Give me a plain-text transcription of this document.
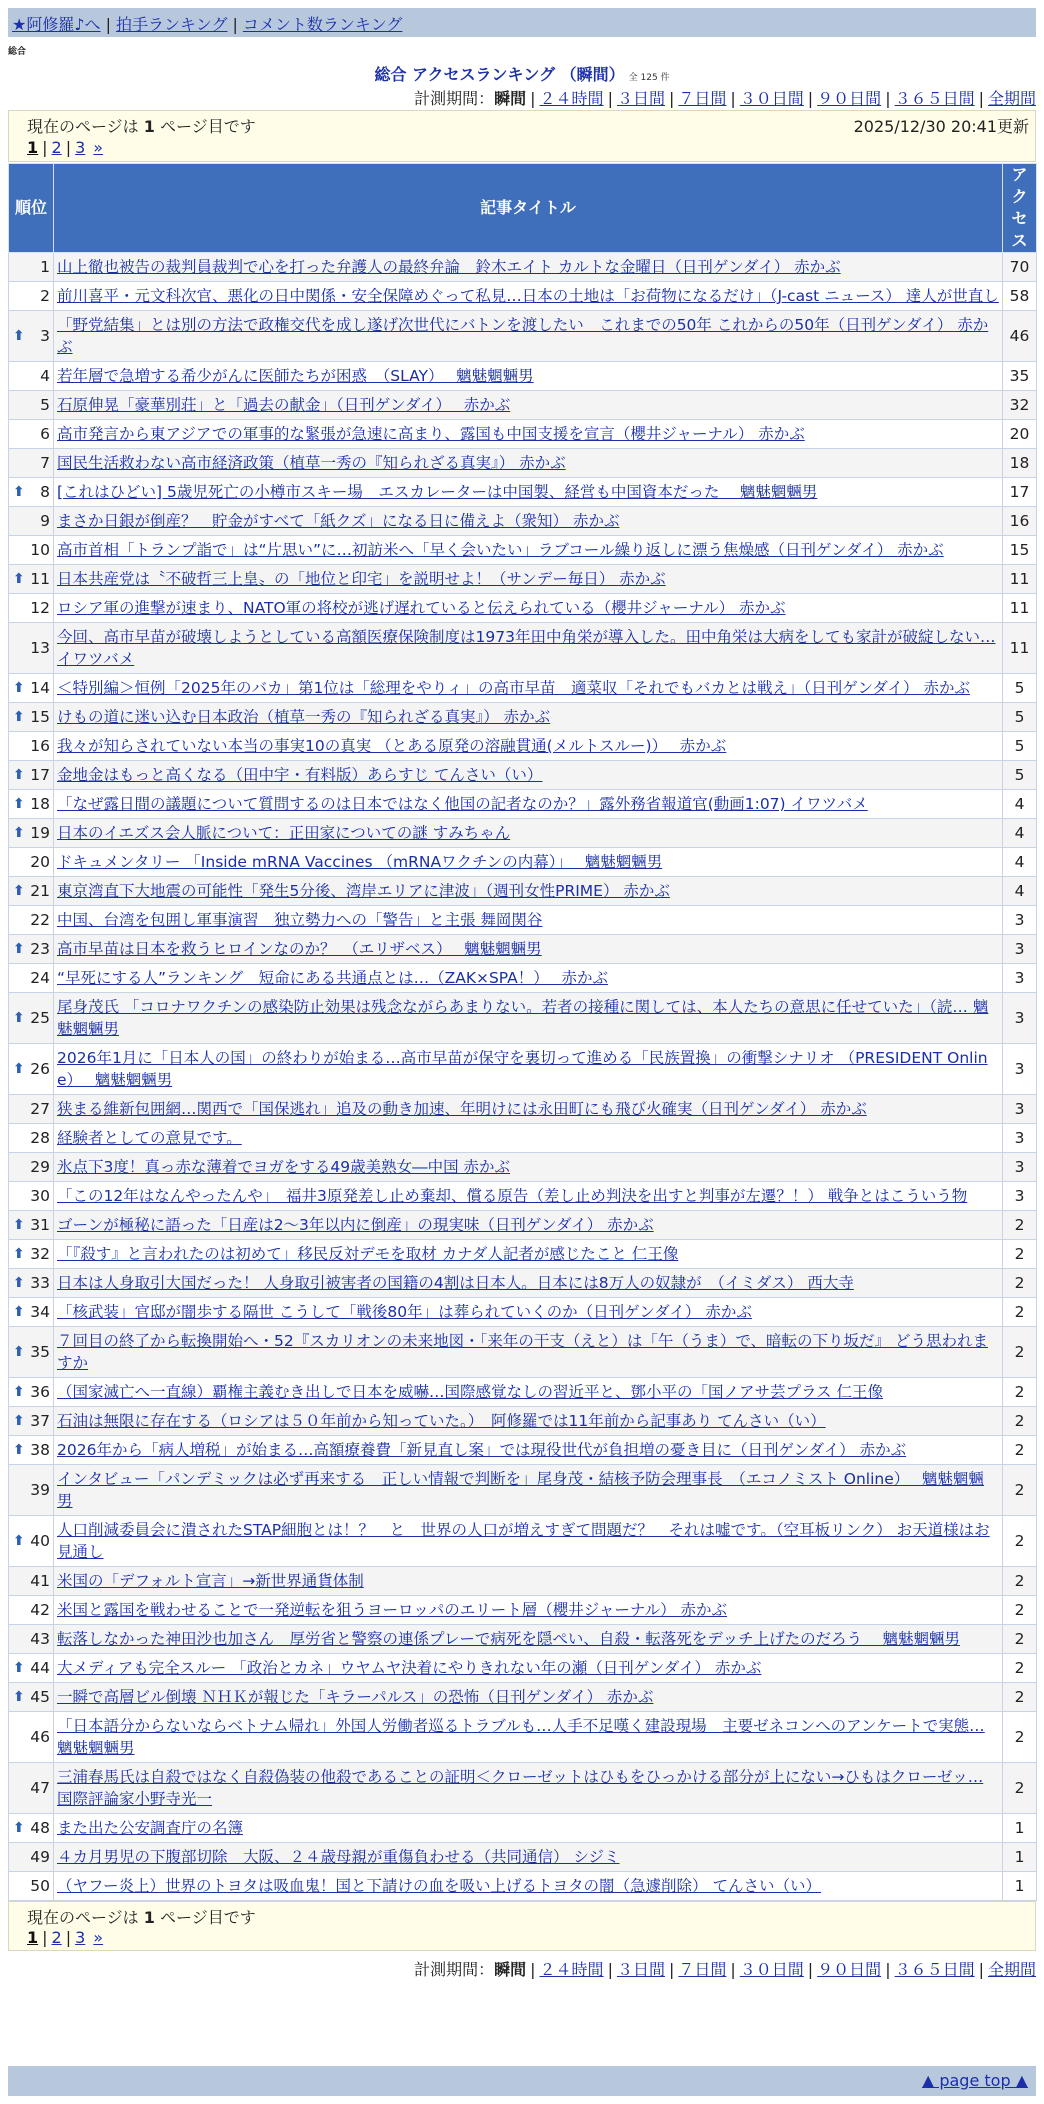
★阿修羅♪へ | 拍手ランキング | コメント数ランキング
総合
総合 アクセスランキング （瞬間） 全 125 件
計測期間：瞬間 | ２４時間 | ３日間 | ７日間 | ３０日間 | ９０日間 | ３６５日間 | 全期間
現在のページは 1 ページ目です	2025/12/30 20:41更新
1 | 2 | 3 »
順位	記事タイトル	アクセス
1	山上徹也被告の裁判員裁判で心を打った弁護人の最終弁論　鈴木エイト カルトな金曜日（日刊ゲンダイ） 赤かぶ	70
2	前川喜平・元文科次官、悪化の日中関係・安全保障めぐって私見…日本の土地は「お荷物になるだけ」（J-cast ニュース） 達人が世直し	58

⬆ 3	「野党結集」とは別の方法で政権交代を成し遂げ次世代にバトンを渡したい　これまでの50年 これからの50年（日刊ゲンダイ） 赤かぶ	46
4	若年層で急増する希少がんに医師たちが困惑　（SLAY）　 魑魅魍魎男	35
5	石原伸晃「豪華別荘」と「過去の献金」（日刊ゲンダイ）　 赤かぶ	32
6	高市発言から東アジアでの軍事的な緊張が急速に高まり、露国も中国支援を宣言（櫻井ジャーナル） 赤かぶ	20
7	国民生活救わない高市経済政策（植草一秀の『知られざる真実』） 赤かぶ	18

⬆ 8	[これはひどい] 5歳児死亡の小樽市スキー場　エスカレーターは中国製、経営も中国資本だった　 魑魅魍魎男	17
9	まさか日銀が倒産？　貯金がすべて「紙クズ」になる日に備えよ（衆知） 赤かぶ	16
10	高市首相「トランプ詣で」は“片思い”に…初訪米へ「早く会いたい」ラブコール繰り返しに漂う焦燥感（日刊ゲンダイ） 赤かぶ	15

⬆ 11	日本共産党は〝不破哲三上皇〟の「地位と印宅」を説明せよ！（サンデー毎日） 赤かぶ	11
12	ロシア軍の進撃が速まり、NATO軍の将校が逃げ遅れていると伝えられている（櫻井ジャーナル） 赤かぶ	11
13	今回、高市早苗が破壊しようとしている高額医療保険制度は1973年田中角栄が導入した。田中角栄は大病をしても家計が破綻しない… イワツバメ	11

⬆ 14	＜特別編＞恒例「2025年のバカ」第1位は「総理をやりィ」の高市早苗　適菜収「それでもバカとは戦え」（日刊ゲンダイ） 赤かぶ	5

⬆ 15	けもの道に迷い込む日本政治（植草一秀の『知られざる真実』） 赤かぶ	5
16	我々が知らされていない本当の事実10の真実 （とある原発の溶融貫通(メルトスルー)）　 赤かぶ	5

⬆ 17	金地金はもっと高くなる（田中宇・有料版）あらすじ てんさい（い）	5

⬆ 18	「なぜ露日間の議題について質問するのは日本ではなく他国の記者なのか？」露外務省報道官(動画1:07) イワツバメ	4

⬆ 19	日本のイエズス会人脈について：正田家についての謎 すみちゃん	4
20	ドキュメンタリー 「Inside mRNA Vaccines （mRNAワクチンの内幕）」　 魑魅魍魎男	4

⬆ 21	東京湾直下大地震の可能性「発生5分後、湾岸エリアに津波」（週刊女性PRIME） 赤かぶ	4
22	中国、台湾を包囲し軍事演習　独立勢力への「警告」と主張 舞岡関谷	3

⬆ 23	高市早苗は日本を救うヒロインなのか？　（エリザベス）　 魑魅魍魎男	3
24	“早死にする人”ランキング　短命にある共通点とは…（ZAK×SPA！）　 赤かぶ	3

⬆ 25	尾身茂氏 「コロナワクチンの感染防止効果は残念ながらあまりない。若者の接種に関しては、本人たちの意思に任せていた」（読… 魑魅魍魎男	3

⬆ 26	2026年1月に「日本人の国」の終わりが始まる…高市早苗が保守を裏切って進める「民族置換」の衝撃シナリオ （PRESIDENT Online）　 魑魅魍魎男	3
27	狭まる維新包囲網…関西で「国保逃れ」追及の動き加速、年明けには永田町にも飛び火確実（日刊ゲンダイ） 赤かぶ	3
28	経験者としての意見です。	3
29	氷点下3度！真っ赤な薄着でヨガをする49歳美熟女―中国 赤かぶ	3
30	「この12年はなんやったんや」　福井3原発差し止め棄却、償る原告（差し止め判決を出すと判事が左遷？！） 戦争とはこういう物	3

⬆ 31	ゴーンが極秘に語った「日産は2～3年以内に倒産」の現実味（日刊ゲンダイ） 赤かぶ	2

⬆ 32	「『殺す』と言われたのは初めて」移民反対デモを取材 カナダ人記者が感じたこと 仁王像	2

⬆ 33	日本は人身取引大国だった！ 人身取引被害者の国籍の4割は日本人。日本には8万人の奴隷が　（イミダス） 西大寺	2

⬆ 34	「核武装」官邸が闇歩する隔世 こうして「戦後80年」は葬られていくのか（日刊ゲンダイ） 赤かぶ	2

⬆ 35	７回目の終了から転換開始へ・52『スカリオンの未来地図・「来年の干支（えと）は「午（うま）で、暗転の下り坂だ』 どう思われますか	2

⬆ 36	（国家滅亡へ一直線）覇権主義むき出しで日本を威嚇…国際感覚なしの習近平と、鄧小平の「国ノアサ芸プラス 仁王像	2

⬆ 37	石油は無限に存在する（ロシアは５０年前から知っていた。）　阿修羅では11年前から記事あり てんさい（い）	2

⬆ 38	2026年から「病人増税」が始まる…高額療養費「新見直し案」では現役世代が負担増の憂き目に（日刊ゲンダイ） 赤かぶ	2
39	インタビュー「パンデミックは必ず再来する　正しい情報で判断を」尾身茂・結核予防会理事長　（エコノミスト Online）　 魑魅魍魎男	2

⬆ 40	人口削減委員会に潰されたSTAP細胞とは！？　と　世界の人口が増えすぎて問題だ？　それは嘘です。（空耳板リンク） お天道様はお見通し	2
41	米国の「デフォルト宣言」→新世界通貨体制	2
42	米国と露国を戦わせることで一発逆転を狙うヨーロッパのエリート層（櫻井ジャーナル） 赤かぶ	2
43	転落しなかった神田沙也加さん　厚労省と警察の連係プレーで病死を隠ぺい、自殺・転落死をデッチ上げたのだろう　 魑魅魍魎男	2

⬆ 44	大メディアも完全スルー 「政治とカネ」ウヤムヤ決着にやりきれない年の瀬（日刊ゲンダイ） 赤かぶ	2

⬆ 45	一瞬で高層ビル倒壊 ＮＨＫが報じた「キラーパルス」の恐怖（日刊ゲンダイ） 赤かぶ	2
46	「日本語分からないならベトナム帰れ」外国人労働者巡るトラブルも…人手不足嘆く建設現場　主要ゼネコンへのアンケートで実態… 魑魅魍魎男	2
47	三浦春馬氏は自殺ではなく自殺偽装の他殺であることの証明＜クローゼットはひもをひっかける部分が上にない→ひもはクローゼッ… 国際評論家小野寺光一	2

⬆ 48	また出た公安調査庁の名簿	1
49	４カ月男児の下腹部切除　大阪、２４歳母親が重傷負わせる（共同通信） シジミ	1
50	（ヤフー炎上）世界のトヨタは吸血鬼！国と下請けの血を吸い上げるトヨタの闇（急遽削除） てんさい（い）	1
現在のページは 1 ページ目です
1 | 2 | 3 »
計測期間：瞬間 | ２４時間 | ３日間 | ７日間 | ３０日間 | ９０日間 | ３６５日間 | 全期間
▲ page top ▲
